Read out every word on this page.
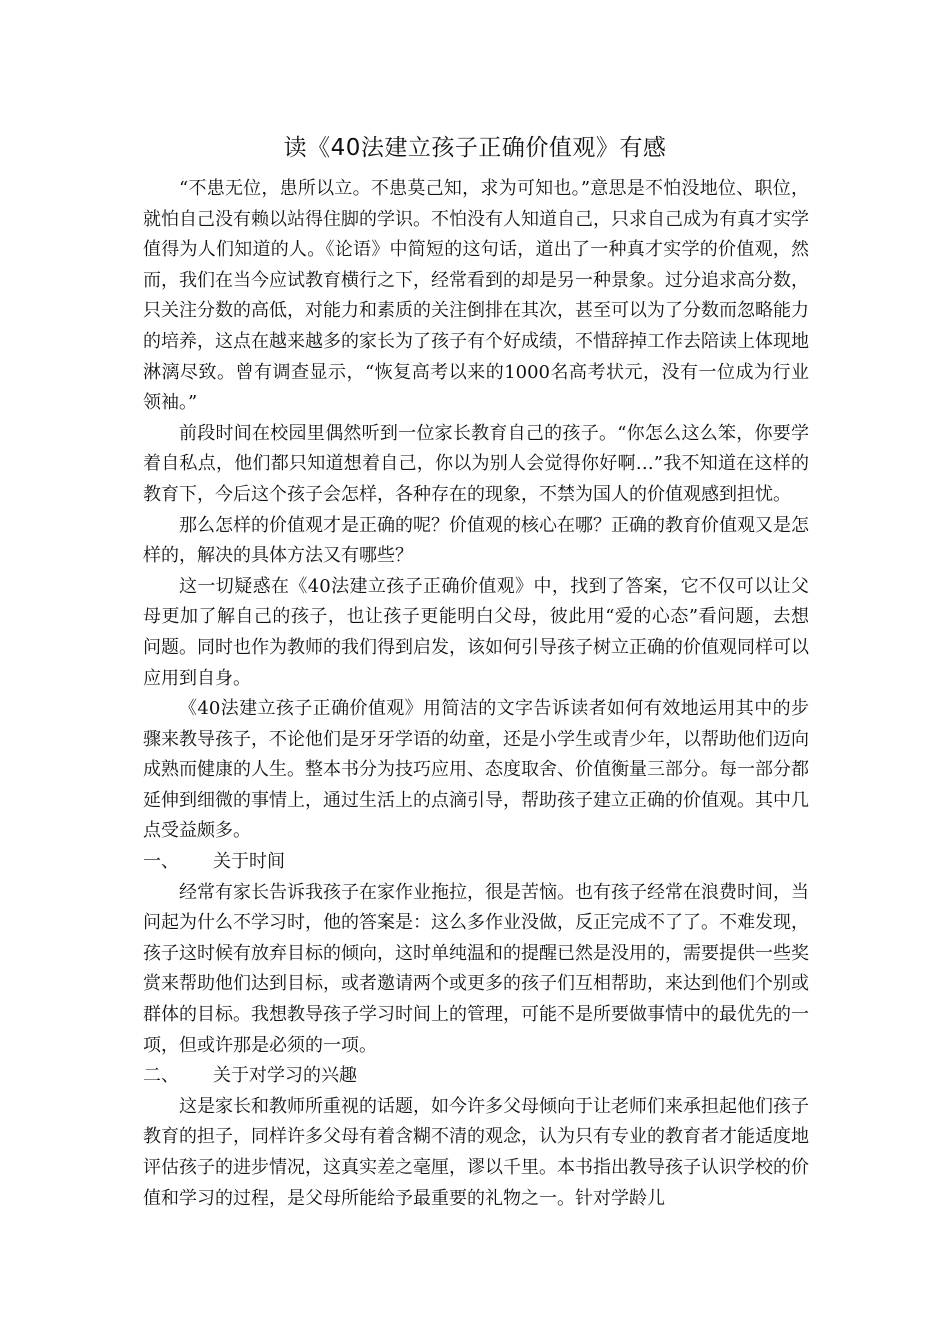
读《40法建立孩子正确价值观》有感

“不患无位，患所以立。不患莫己知，求为可知也。”意思是不怕没地位、职位，就怕自己没有赖以站得住脚的学识。不怕没有人知道自己，只求自己成为有真才实学值得为人们知道的人。《论语》中简短的这句话，道出了一种真才实学的价值观，然而，我们在当今应试教育横行之下，经常看到的却是另一种景象。过分追求高分数，只关注分数的高低，对能力和素质的关注倒排在其次，甚至可以为了分数而忽略能力的培养，这点在越来越多的家长为了孩子有个好成绩，不惜辞掉工作去陪读上体现地淋漓尽致。曾有调查显示，“恢复高考以来的1000名高考状元，没有一位成为行业领袖。”

前段时间在校园里偶然听到一位家长教育自己的孩子。“你怎么这么笨，你要学着自私点，他们都只知道想着自己，你以为别人会觉得你好啊…”我不知道在这样的教育下，今后这个孩子会怎样，各种存在的现象，不禁为国人的价值观感到担忧。

那么怎样的价值观才是正确的呢？价值观的核心在哪？正确的教育价值观又是怎样的，解决的具体方法又有哪些？

这一切疑惑在《40法建立孩子正确价值观》中，找到了答案，它不仅可以让父母更加了解自己的孩子，也让孩子更能明白父母，彼此用“爱的心态”看问题，去想问题。同时也作为教师的我们得到启发，该如何引导孩子树立正确的价值观同样可以应用到自身。

《40法建立孩子正确价值观》用简洁的文字告诉读者如何有效地运用其中的步骤来教导孩子，不论他们是牙牙学语的幼童，还是小学生或青少年，以帮助他们迈向成熟而健康的人生。整本书分为技巧应用、态度取舍、价值衡量三部分。每一部分都延伸到细微的事情上，通过生活上的点滴引导，帮助孩子建立正确的价值观。其中几点受益颇多。

一、 关于时间

经常有家长告诉我孩子在家作业拖拉，很是苦恼。也有孩子经常在浪费时间，当问起为什么不学习时，他的答案是：这么多作业没做，反正完成不了了。不难发现，孩子这时候有放弃目标的倾向，这时单纯温和的提醒已然是没用的，需要提供一些奖赏来帮助他们达到目标，或者邀请两个或更多的孩子们互相帮助，来达到他们个别或群体的目标。我想教导孩子学习时间上的管理，可能不是所要做事情中的最优先的一项，但或许那是必须的一项。

二、 关于对学习的兴趣

这是家长和教师所重视的话题，如今许多父母倾向于让老师们来承担起他们孩子教育的担子，同样许多父母有着含糊不清的观念，认为只有专业的教育者才能适度地评估孩子的进步情况，这真实差之毫厘，谬以千里。本书指出教导孩子认识学校的价值和学习的过程，是父母所能给予最重要的礼物之一。针对学龄儿
